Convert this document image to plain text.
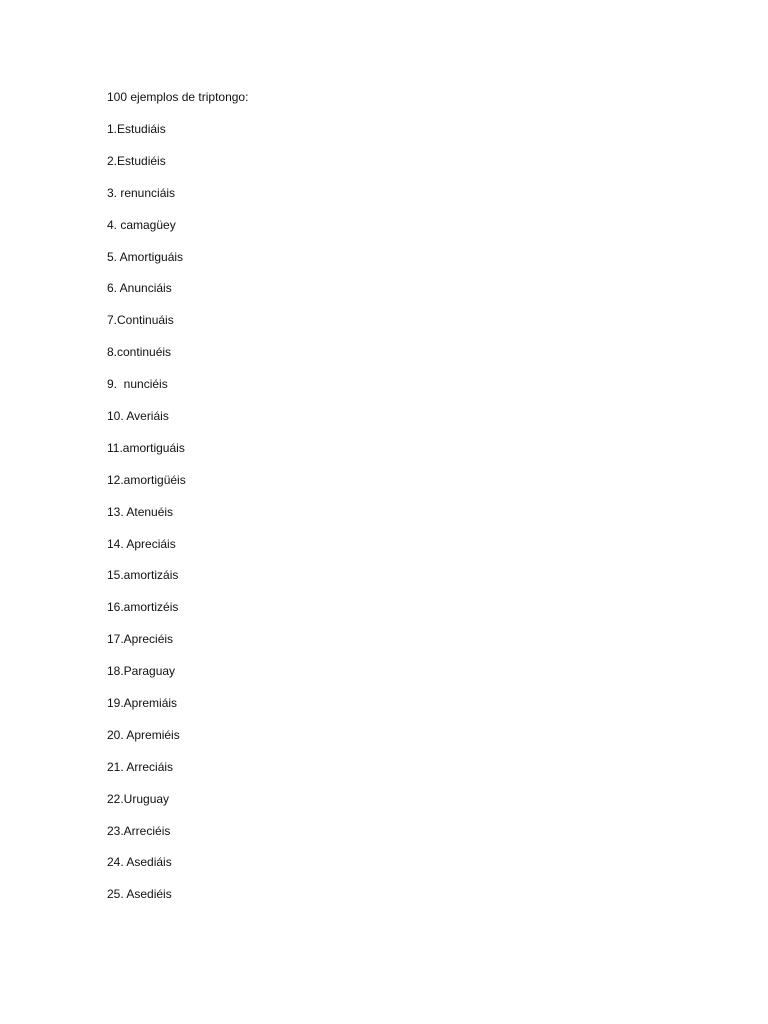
100 ejemplos de triptongo:

1.Estudiáis
2.Estudiéis
3. renunciáis
4. camagüey
5. Amortiguáis
6. Anunciáis
7.Continuáis
8.continuéis
9.  nunciéis
10. Averiáis
11.amortiguáis
12.amortigüéis
13. Atenuéis
14. Apreciáis
15.amortizáis
16.amortizéis
17.Apreciéis
18.Paraguay
19.Apremiáis
20. Apremiéis
21. Arreciáis
22.Uruguay
23.Arreciéis
24. Asediáis
25. Asediéis
